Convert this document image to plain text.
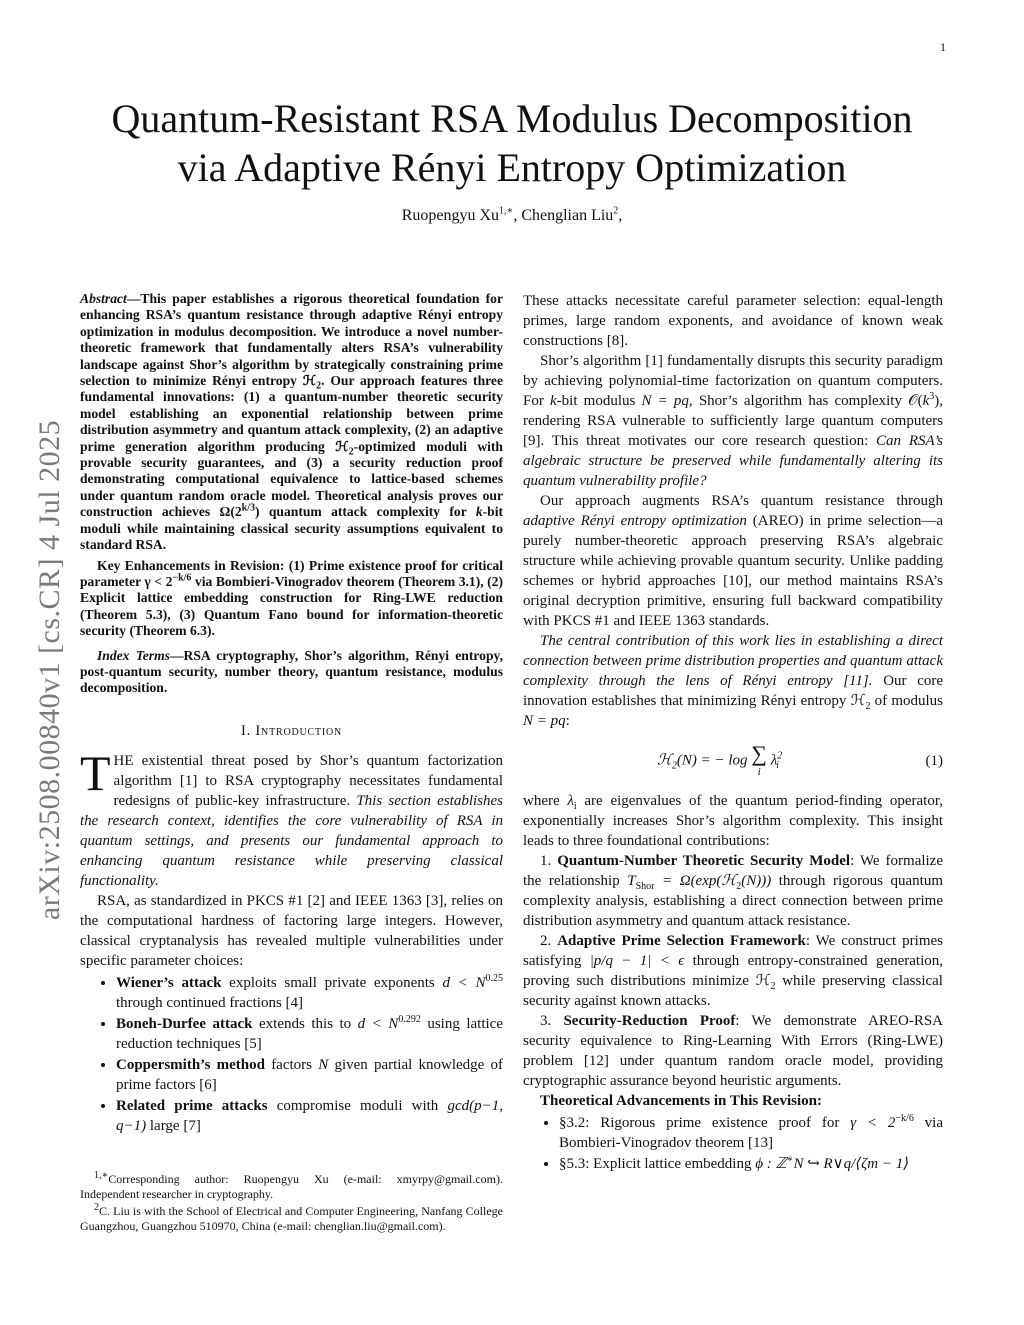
1
arXiv:2508.00840v1 [cs.CR] 4 Jul 2025
Quantum-Resistant RSA Modulus Decomposition
via Adaptive Rényi Entropy Optimization
Ruopengyu $Xu^{1,∗}$, Chenglian Liu$^2$,

Abstract—This paper establishes a rigorous theoretical foundation for enhancing RSA’s quantum resistance through adaptive Rényi entropy optimization in modulus decomposition. We introduce a novel number-theoretic framework that fundamentally alters RSA’s vulnerability landscape against Shor’s algorithm by strategically constraining prime selection to minimize Rényi entropy ℋ$_2$. Our approach features three fundamental innovations: (1) a quantum-number theoretic security model establishing an exponential relationship between prime distribution asymmetry and quantum attack complexity, (2) an adaptive prime generation algorithm producing ℋ$_2$-optimized moduli with provable security guarantees, and (3) a security reduction proof demonstrating computational equivalence to lattice-based schemes under quantum random oracle model. Theoretical analysis proves our construction achieves $\Omega(2^{k/3})$ quantum attack complexity for k-bit moduli while maintaining classical security assumptions equivalent to standard RSA.

Key Enhancements in Revision: (1) Prime existence proof for critical parameter $\gamma < 2^{-k/6}$ via Bombieri-Vinogradov theorem (Theorem 3.1), (2) Explicit lattice embedding construction for Ring-LWE reduction (Theorem 5.3), (3) Quantum Fano bound for information-theoretic security (Theorem 6.3).

Index Terms—RSA cryptography, Shor’s algorithm, Rényi entropy, post-quantum security, number theory, quantum resistance, modulus decomposition.

I. Introduction

THE existential threat posed by Shor’s quantum factorization algorithm [1] to RSA cryptography necessitates fundamental redesigns of public-key infrastructure. This section establishes the research context, identifies the core vulnerability of RSA in quantum settings, and presents our fundamental approach to enhancing quantum resistance while preserving classical functionality.

RSA, as standardized in PKCS #1 [2] and IEEE 1363 [3], relies on the computational hardness of factoring large integers. However, classical cryptanalysis has revealed multiple vulnerabilities under specific parameter choices:

• Wiener’s attack exploits small private exponents $d < N^{0.25}$ through continued fractions [4]
• Boneh-Durfee attack extends this to $d < N^{0.292}$ using lattice reduction techniques [5]
• Coppersmith’s method factors N given partial knowledge of prime factors [6]
• Related prime attacks compromise moduli with gcd(p−1, q−1) large [7]

$^{1,∗}$Corresponding author: Ruopengyu Xu (e-mail: xmyrpy@gmail.com). Independent researcher in cryptography.

$^2$C. Liu is with the School of Electrical and Computer Engineering, Nanfang College Guangzhou, Guangzhou 510970, China (e-mail: chenglian.liu@gmail.com).

These attacks necessitate careful parameter selection: equal-length primes, large random exponents, and avoidance of known weak constructions [8].

Shor’s algorithm [1] fundamentally disrupts this security paradigm by achieving polynomial-time factorization on quantum computers. For k-bit modulus N = pq, Shor’s algorithm has complexity $𝒪(k^3)$, rendering RSA vulnerable to sufficiently large quantum computers [9]. This threat motivates our core research question: Can RSA’s algebraic structure be preserved while fundamentally altering its quantum vulnerability profile?

Our approach augments RSA’s quantum resistance through adaptive Rényi entropy optimization (AREO) in prime selection—a purely number-theoretic approach preserving RSA’s algebraic structure while achieving provable quantum security. Unlike padding schemes or hybrid approaches [10], our method maintains RSA’s original decryption primitive, ensuring full backward compatibility with PKCS #1 and IEEE 1363 standards.

The central contribution of this work lies in establishing a direct connection between prime distribution properties and quantum attack complexity through the lens of Rényi entropy [11]. Our core innovation establishes that minimizing Rényi entropy ℋ$_2$ of modulus N = pq:

ℋ$_2$(N) = − log ∑
i
$\lambda^2_i$	(1)

where $\lambda_i$ are eigenvalues of the quantum period-finding operator, exponentially increases Shor’s algorithm complexity. This insight leads to three foundational contributions:

1. Quantum-Number Theoretic Security Model: We formalize the relationship $T_{Shor}$ = Ω(exp(ℋ$_2$(N))) through rigorous quantum complexity analysis, establishing a direct connection between prime distribution asymmetry and quantum attack resistance.

2. Adaptive Prime Selection Framework: We construct primes satisfying |p/q − 1| < ϵ through entropy-constrained generation, proving such distributions minimize ℋ$_2$ while preserving classical security against known attacks.

3. Security-Reduction Proof: We demonstrate AREO-RSA security equivalence to Ring-Learning With Errors (Ring-LWE) problem [12] under quantum random oracle model, providing cryptographic assurance beyond heuristic arguments.

Theoretical Advancements in This Revision:
• §3.2: Rigorous prime existence proof for $\gamma < 2^{-k/6}$ via Bombieri-Vinogradov theorem [13]
• §5.3: Explicit lattice embedding ϕ : ℤ∗N ↪ R∨q/⟨ζm − 1⟩
